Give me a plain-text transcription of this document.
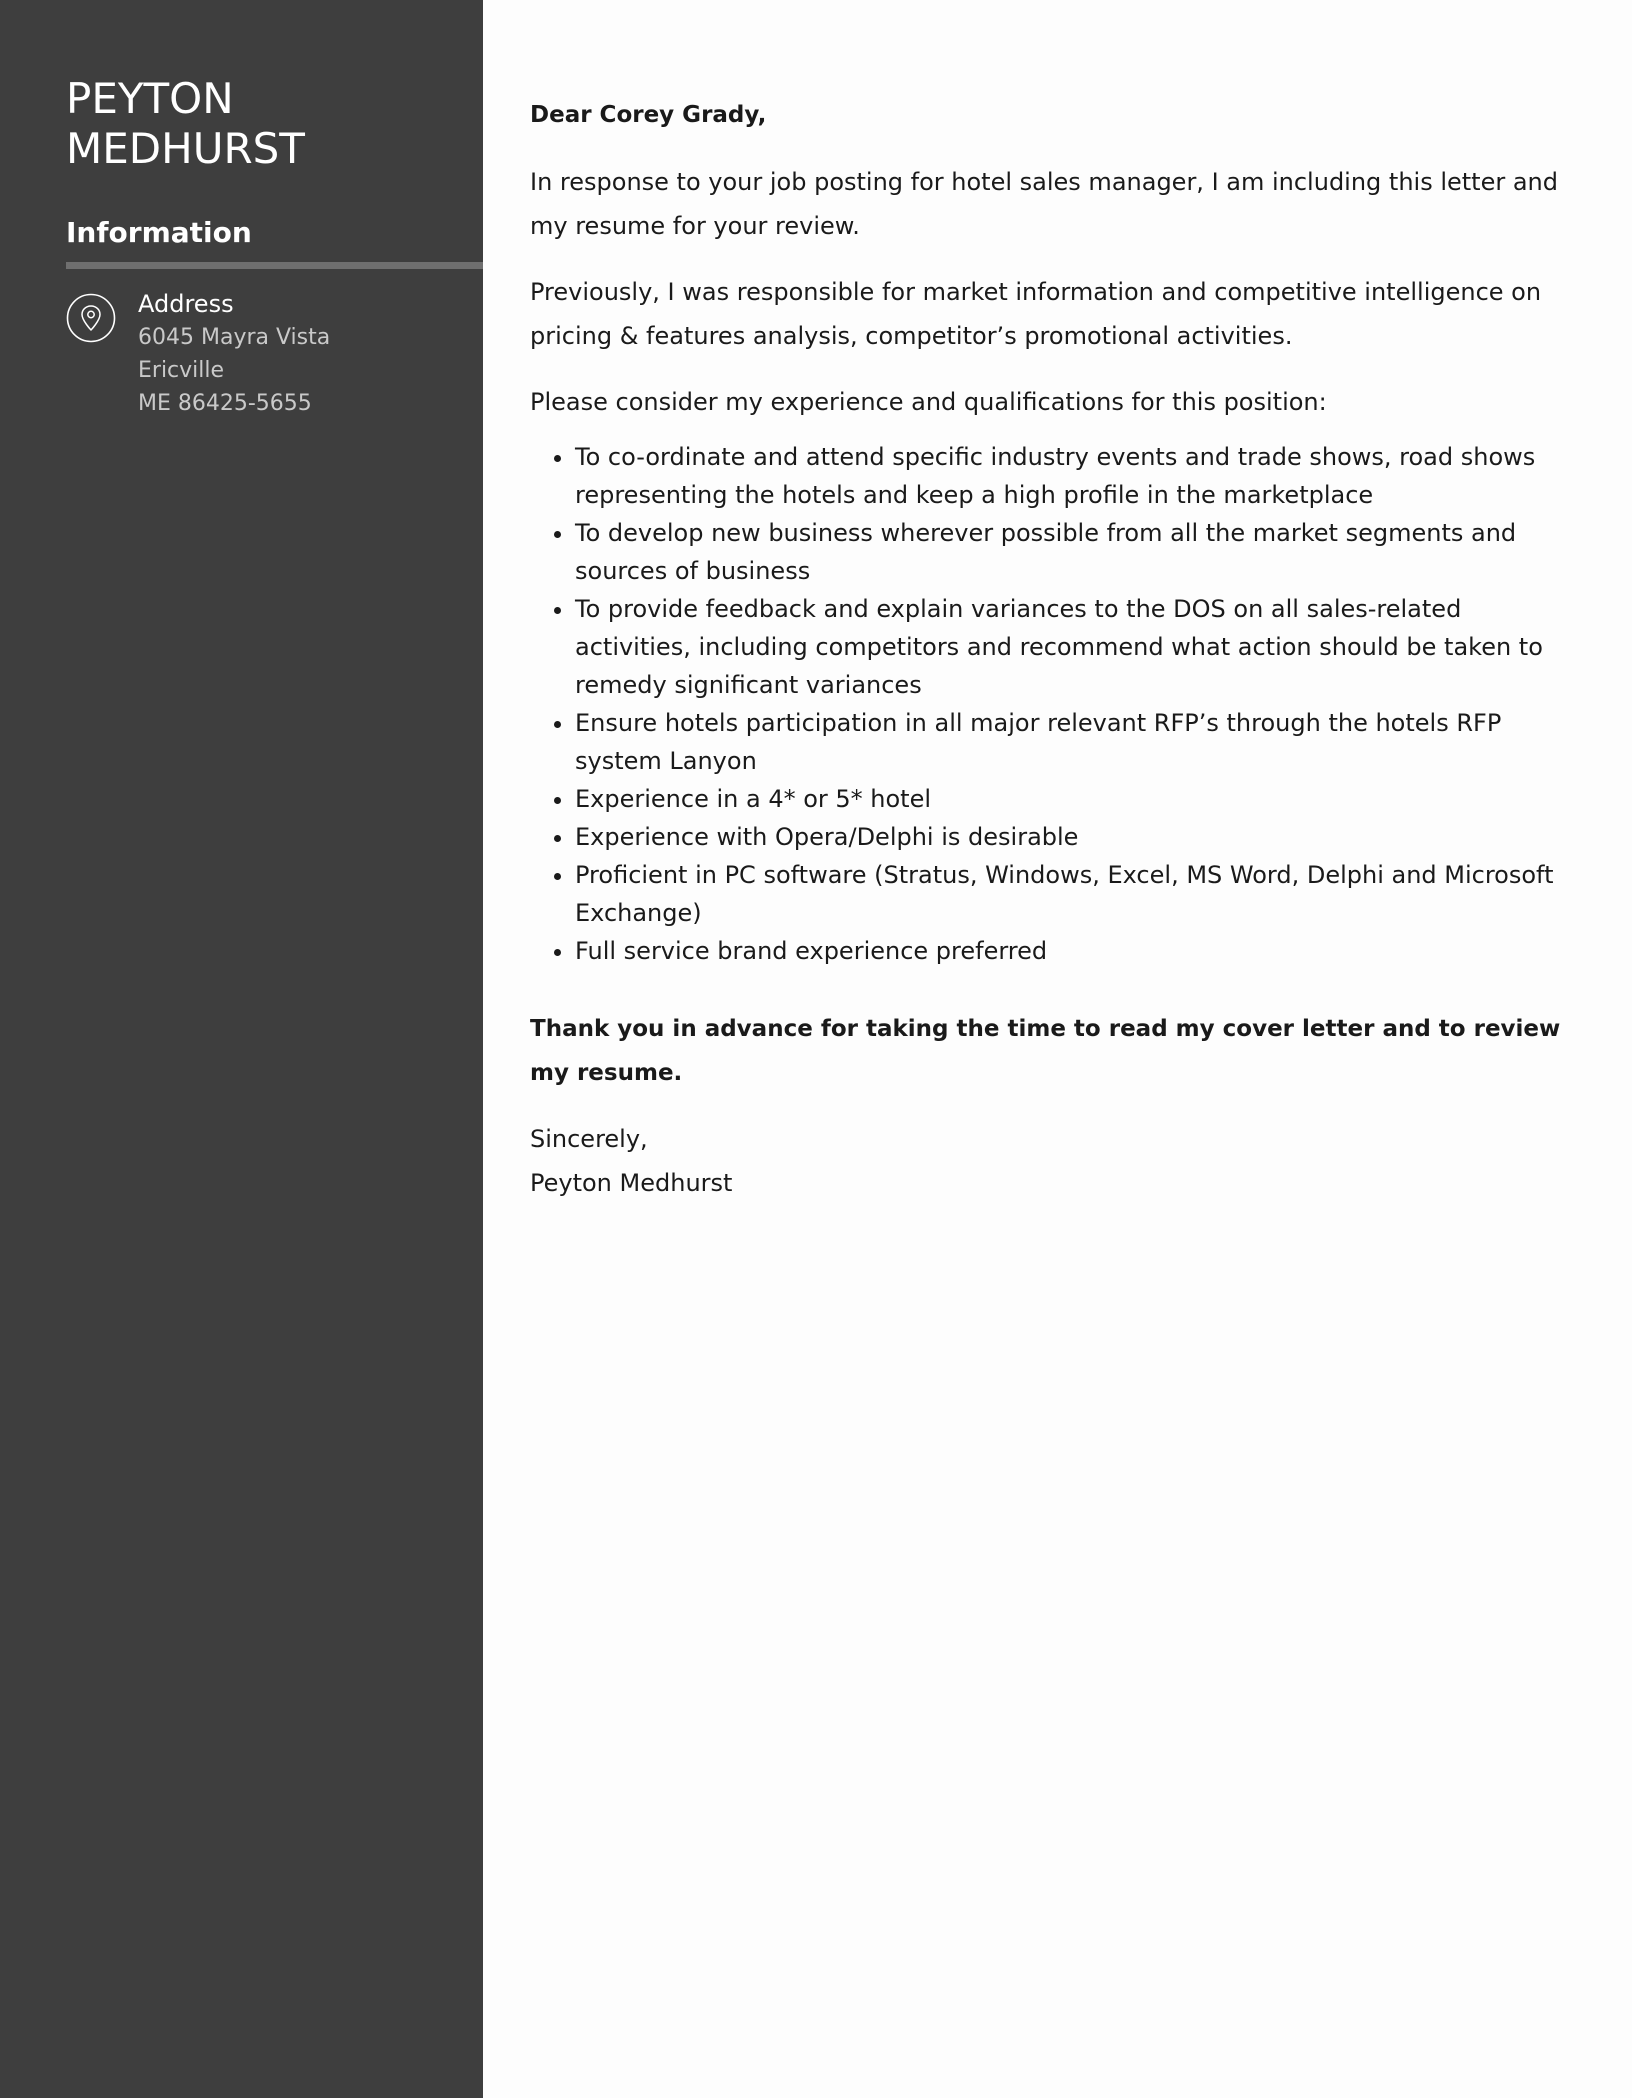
PEYTON
MEDHURST
Information
Address
6045 Mayra Vista
Ericville
ME 86425-5655

Dear Corey Grady,

In response to your job posting for hotel sales manager, I am including this letter and my resume for your review.

Previously, I was responsible for market information and competitive intelligence on pricing & features analysis, competitor’s promotional activities.

Please consider my experience and qualifications for this position:

• To co-ordinate and attend specific industry events and trade shows, road shows representing the hotels and keep a high profile in the marketplace
• To develop new business wherever possible from all the market segments and sources of business
• To provide feedback and explain variances to the DOS on all sales-related activities, including competitors and recommend what action should be taken to remedy significant variances
• Ensure hotels participation in all major relevant RFP’s through the hotels RFP system Lanyon
• Experience in a 4* or 5* hotel
• Experience with Opera/Delphi is desirable
• Proficient in PC software (Stratus, Windows, Excel, MS Word, Delphi and Microsoft Exchange)
• Full service brand experience preferred

Thank you in advance for taking the time to read my cover letter and to review my resume.

Sincerely,

Peyton Medhurst
